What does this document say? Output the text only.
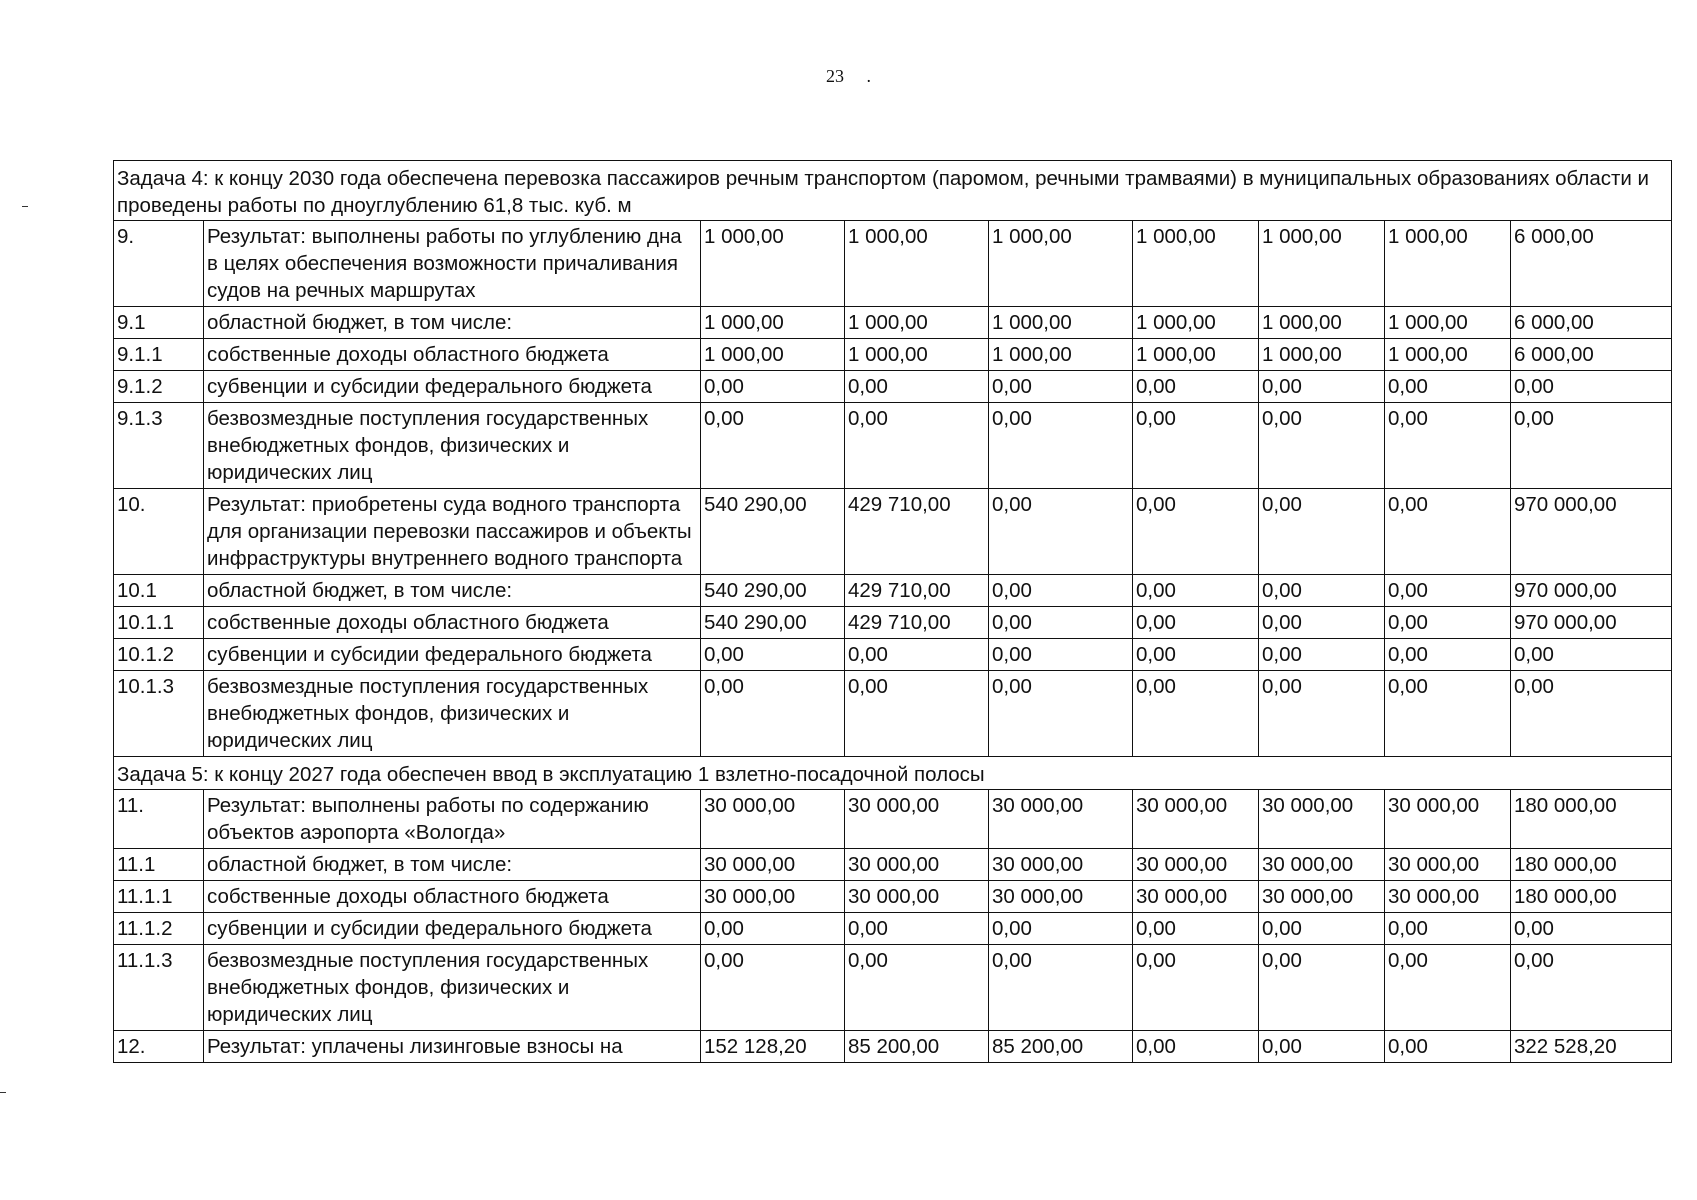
23 .
Задача 4: к концу 2030 года обеспечена перевозка пассажиров речным транспортом (паромом, речными трамваями) в муниципальных образованиях области и проведены работы по дноуглублению 61,8 тыс. куб. м								
9.	Результат: выполнены работы по углублению дна в целях обеспечения возможности причаливания судов на речных маршрутах	1 000,00	1 000,00	1 000,00	1 000,00	1 000,00	1 000,00	6 000,00
9.1	областной бюджет, в том числе:	1 000,00	1 000,00	1 000,00	1 000,00	1 000,00	1 000,00	6 000,00
9.1.1	собственные доходы областного бюджета	1 000,00	1 000,00	1 000,00	1 000,00	1 000,00	1 000,00	6 000,00
9.1.2	субвенции и субсидии федерального бюджета	0,00	0,00	0,00	0,00	0,00	0,00	0,00
9.1.3	безвозмездные поступления государственных внебюджетных фондов, физических и юридических лиц	0,00	0,00	0,00	0,00	0,00	0,00	0,00
10.	Результат: приобретены суда водного транспорта для организации перевозки пассажиров и объекты инфраструктуры внутреннего водного транспорта	540 290,00	429 710,00	0,00	0,00	0,00	0,00	970 000,00
10.1	областной бюджет, в том числе:	540 290,00	429 710,00	0,00	0,00	0,00	0,00	970 000,00
10.1.1	собственные доходы областного бюджета	540 290,00	429 710,00	0,00	0,00	0,00	0,00	970 000,00
10.1.2	субвенции и субсидии федерального бюджета	0,00	0,00	0,00	0,00	0,00	0,00	0,00
10.1.3	безвозмездные поступления государственных внебюджетных фондов, физических и юридических лиц	0,00	0,00	0,00	0,00	0,00	0,00	0,00
Задача 5: к концу 2027 года обеспечен ввод в эксплуатацию 1 взлетно-посадочной полосы								
11.	Результат: выполнены работы по содержанию объектов аэропорта «Вологда»	30 000,00	30 000,00	30 000,00	30 000,00	30 000,00	30 000,00	180 000,00
11.1	областной бюджет, в том числе:	30 000,00	30 000,00	30 000,00	30 000,00	30 000,00	30 000,00	180 000,00
11.1.1	собственные доходы областного бюджета	30 000,00	30 000,00	30 000,00	30 000,00	30 000,00	30 000,00	180 000,00
11.1.2	субвенции и субсидии федерального бюджета	0,00	0,00	0,00	0,00	0,00	0,00	0,00
11.1.3	безвозмездные поступления государственных внебюджетных фондов, физических и юридических лиц	0,00	0,00	0,00	0,00	0,00	0,00	0,00
12.	Результат: уплачены лизинговые взносы на	152 128,20	85 200,00	85 200,00	0,00	0,00	0,00	322 528,20
